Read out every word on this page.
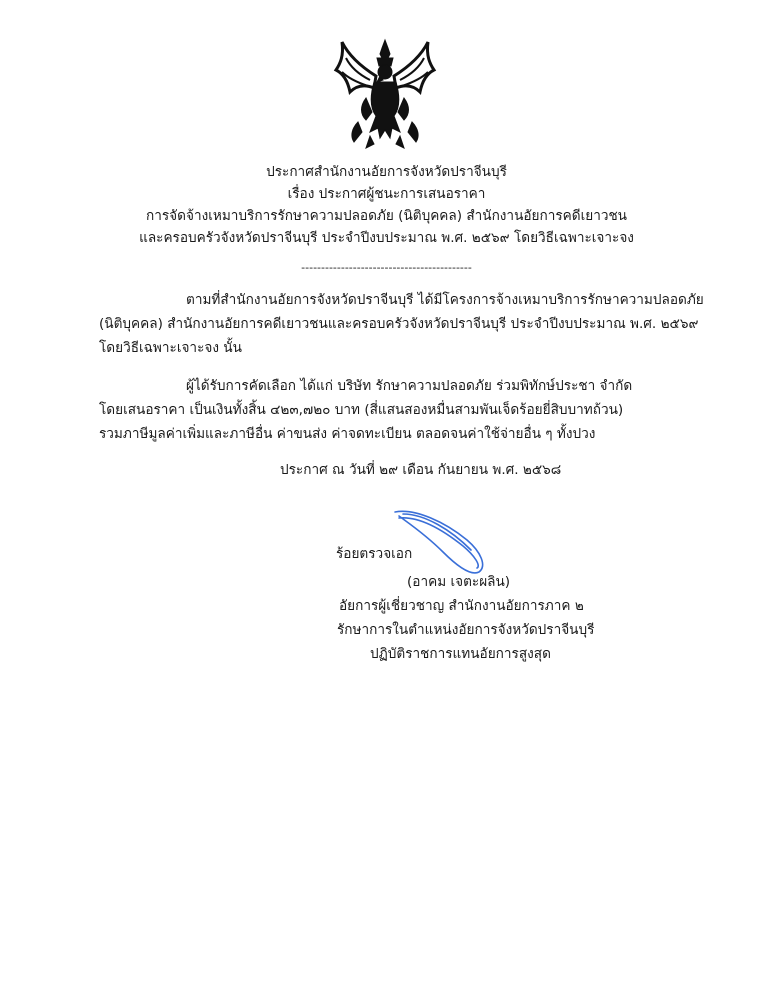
ประกาศสำนักงานอัยการจังหวัดปราจีนบุรี
เรื่อง ประกาศผู้ชนะการเสนอราคา
การจัดจ้างเหมาบริการรักษาความปลอดภัย (นิติบุคคล) สำนักงานอัยการคดีเยาวชน
และครอบครัวจังหวัดปราจีนบุรี ประจำปีงบประมาณ พ.ศ. ๒๕๖๙ โดยวิธีเฉพาะเจาะจง
-------------------------------------------
ตามที่สำนักงานอัยการจังหวัดปราจีนบุรี ได้มีโครงการจ้างเหมาบริการรักษาความปลอดภัย
(นิติบุคคล) สำนักงานอัยการคดีเยาวชนและครอบครัวจังหวัดปราจีนบุรี ประจำปีงบประมาณ พ.ศ. ๒๕๖๙
โดยวิธีเฉพาะเจาะจง นั้น
ผู้ได้รับการคัดเลือก ได้แก่ บริษัท รักษาความปลอดภัย ร่วมพิทักษ์ประชา จำกัด
โดยเสนอราคา เป็นเงินทั้งสิ้น ๔๒๓,๗๒๐ บาท (สี่แสนสองหมื่นสามพันเจ็ดร้อยยี่สิบบาทถ้วน)
รวมภาษีมูลค่าเพิ่มและภาษีอื่น ค่าขนส่ง ค่าจดทะเบียน ตลอดจนค่าใช้จ่ายอื่น ๆ ทั้งปวง
ประกาศ ณ วันที่ ๒๙ เดือน กันยายน พ.ศ. ๒๕๖๘
ร้อยตรวจเอก
(อาคม เจตะผลิน)
อัยการผู้เชี่ยวชาญ สำนักงานอัยการภาค ๒
รักษาการในตำแหน่งอัยการจังหวัดปราจีนบุรี
ปฏิบัติราชการแทนอัยการสูงสุด
